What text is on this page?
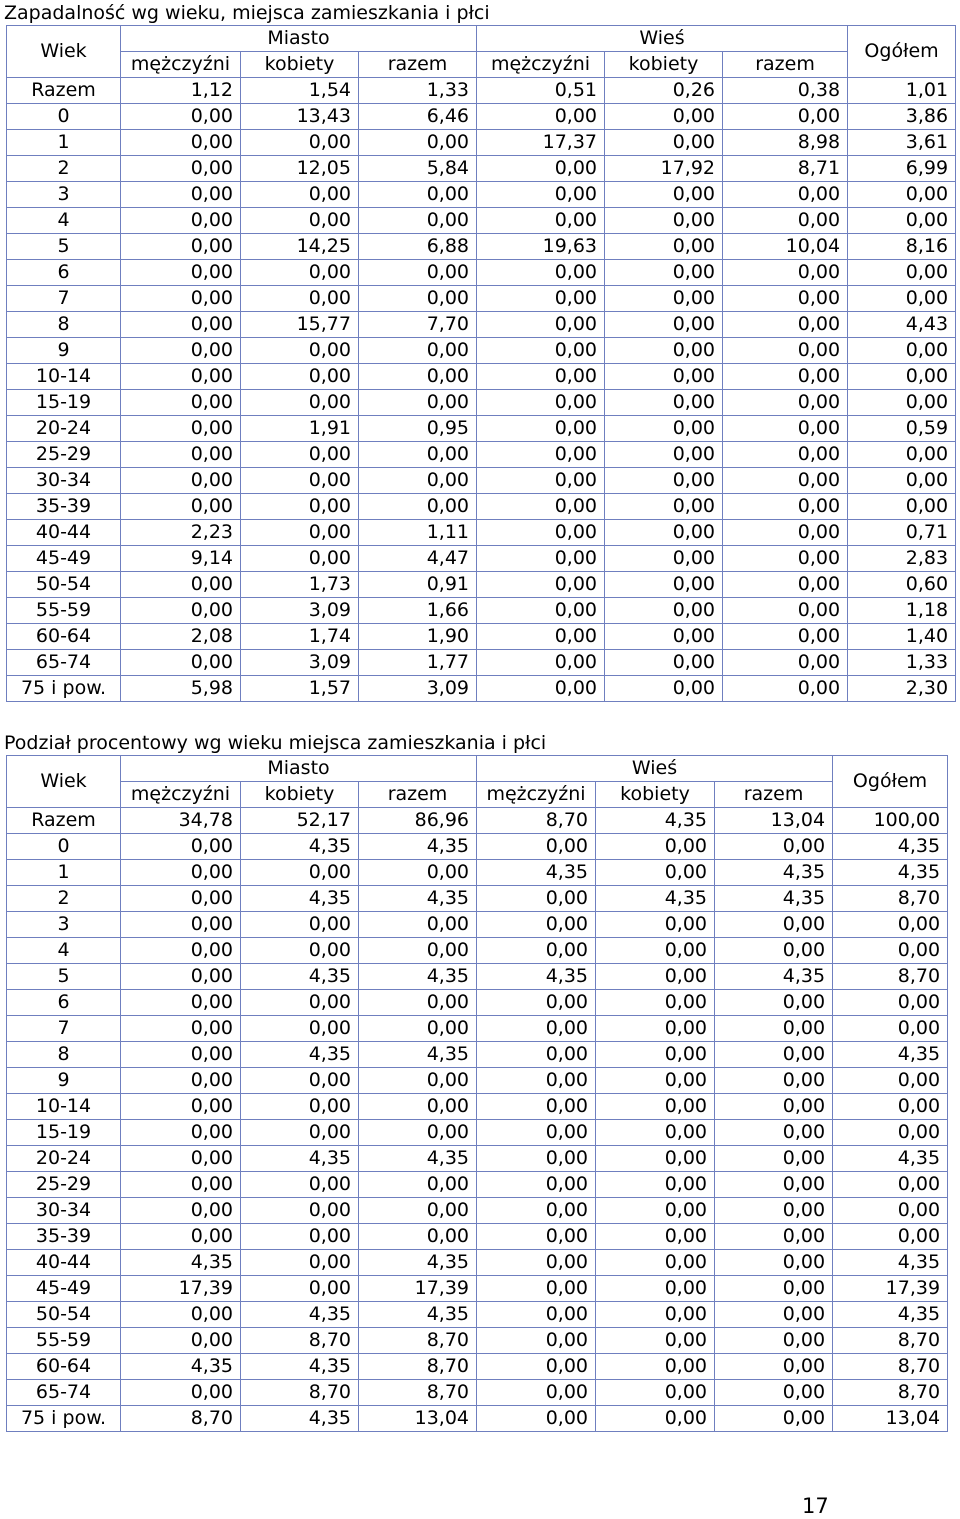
Zapadalność wg wieku, miejsca zamieszkania i płci
Wiek	Miasto			Wieś			Ogółem
	mężczyźni	kobiety	razem	mężczyźni	kobiety	razem	
Razem	1,12	1,54	1,33	0,51	0,26	0,38	1,01
0	0,00	13,43	6,46	0,00	0,00	0,00	3,86
1	0,00	0,00	0,00	17,37	0,00	8,98	3,61
2	0,00	12,05	5,84	0,00	17,92	8,71	6,99
3	0,00	0,00	0,00	0,00	0,00	0,00	0,00
4	0,00	0,00	0,00	0,00	0,00	0,00	0,00
5	0,00	14,25	6,88	19,63	0,00	10,04	8,16
6	0,00	0,00	0,00	0,00	0,00	0,00	0,00
7	0,00	0,00	0,00	0,00	0,00	0,00	0,00
8	0,00	15,77	7,70	0,00	0,00	0,00	4,43
9	0,00	0,00	0,00	0,00	0,00	0,00	0,00
10-14	0,00	0,00	0,00	0,00	0,00	0,00	0,00
15-19	0,00	0,00	0,00	0,00	0,00	0,00	0,00
20-24	0,00	1,91	0,95	0,00	0,00	0,00	0,59
25-29	0,00	0,00	0,00	0,00	0,00	0,00	0,00
30-34	0,00	0,00	0,00	0,00	0,00	0,00	0,00
35-39	0,00	0,00	0,00	0,00	0,00	0,00	0,00
40-44	2,23	0,00	1,11	0,00	0,00	0,00	0,71
45-49	9,14	0,00	4,47	0,00	0,00	0,00	2,83
50-54	0,00	1,73	0,91	0,00	0,00	0,00	0,60
55-59	0,00	3,09	1,66	0,00	0,00	0,00	1,18
60-64	2,08	1,74	1,90	0,00	0,00	0,00	1,40
65-74	0,00	3,09	1,77	0,00	0,00	0,00	1,33
75 i pow.	5,98	1,57	3,09	0,00	0,00	0,00	2,30
Podział procentowy wg wieku miejsca zamieszkania i płci
Wiek	Miasto			Wieś			Ogółem
	mężczyźni	kobiety	razem	mężczyźni	kobiety	razem	
Razem	34,78	52,17	86,96	8,70	4,35	13,04	100,00
0	0,00	4,35	4,35	0,00	0,00	0,00	4,35
1	0,00	0,00	0,00	4,35	0,00	4,35	4,35
2	0,00	4,35	4,35	0,00	4,35	4,35	8,70
3	0,00	0,00	0,00	0,00	0,00	0,00	0,00
4	0,00	0,00	0,00	0,00	0,00	0,00	0,00
5	0,00	4,35	4,35	4,35	0,00	4,35	8,70
6	0,00	0,00	0,00	0,00	0,00	0,00	0,00
7	0,00	0,00	0,00	0,00	0,00	0,00	0,00
8	0,00	4,35	4,35	0,00	0,00	0,00	4,35
9	0,00	0,00	0,00	0,00	0,00	0,00	0,00
10-14	0,00	0,00	0,00	0,00	0,00	0,00	0,00
15-19	0,00	0,00	0,00	0,00	0,00	0,00	0,00
20-24	0,00	4,35	4,35	0,00	0,00	0,00	4,35
25-29	0,00	0,00	0,00	0,00	0,00	0,00	0,00
30-34	0,00	0,00	0,00	0,00	0,00	0,00	0,00
35-39	0,00	0,00	0,00	0,00	0,00	0,00	0,00
40-44	4,35	0,00	4,35	0,00	0,00	0,00	4,35
45-49	17,39	0,00	17,39	0,00	0,00	0,00	17,39
50-54	0,00	4,35	4,35	0,00	0,00	0,00	4,35
55-59	0,00	8,70	8,70	0,00	0,00	0,00	8,70
60-64	4,35	4,35	8,70	0,00	0,00	0,00	8,70
65-74	0,00	8,70	8,70	0,00	0,00	0,00	8,70
75 i pow.	8,70	4,35	13,04	0,00	0,00	0,00	13,04
17
